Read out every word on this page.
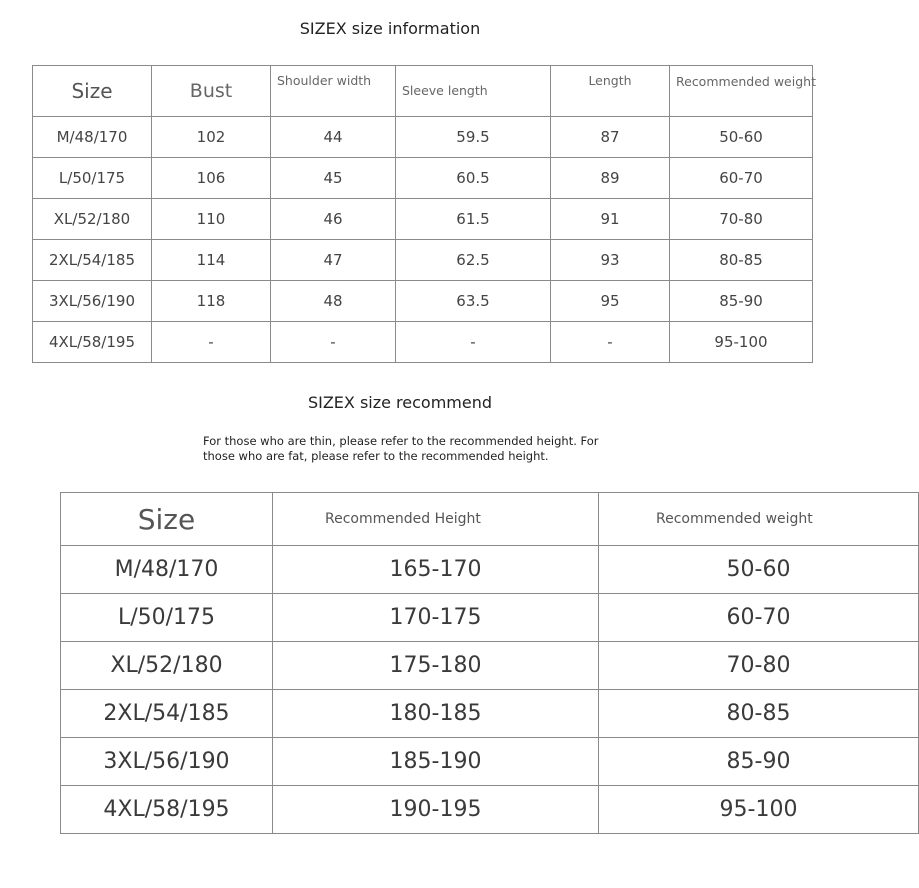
SIZEX size information
Size	Bust	Shoulder width	Sleeve length	Length	Recommended weight
M/48/170	102	44	59.5	87	50-60
L/50/175	106	45	60.5	89	60-70
XL/52/180	110	46	61.5	91	70-80
2XL/54/185	114	47	62.5	93	80-85
3XL/56/190	118	48	63.5	95	85-90
4XL/58/195	-	-	-	-	95-100
SIZEX size recommend
For those who are thin, please refer to the recommended height. For those who are fat, please refer to the recommended height.
Size	Recommended Height	Recommended weight
M/48/170	165-170	50-60
L/50/175	170-175	60-70
XL/52/180	175-180	70-80
2XL/54/185	180-185	80-85
3XL/56/190	185-190	85-90
4XL/58/195	190-195	95-100
